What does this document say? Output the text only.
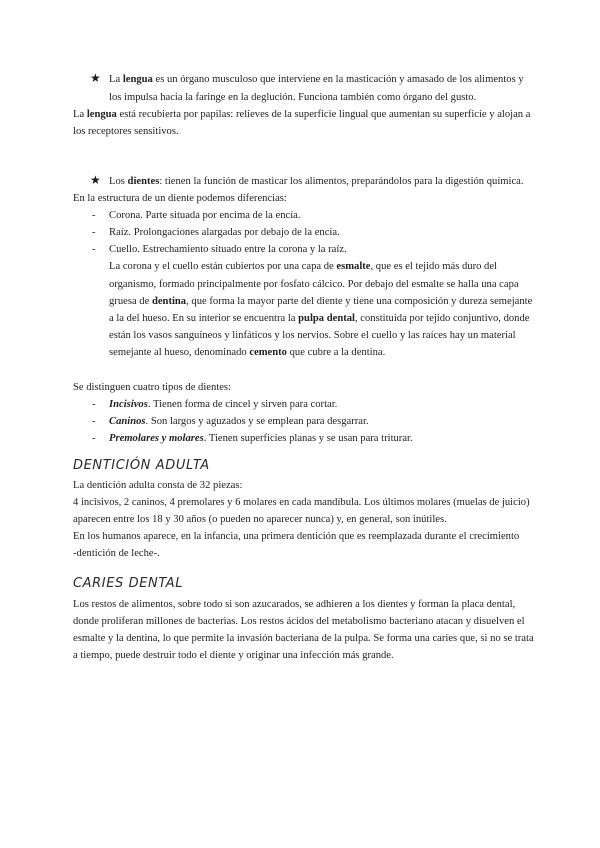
★ La lengua es un órgano musculoso que interviene en la masticación y amasado de los alimentos y

los impulsa hacia la faringe en la deglución. Funciona también como órgano del gusto.

La lengua está recubierta por papilas: relieves de la superficie lingual que aumentan su superficie y alojan a

los receptores sensitivos.

★ Los dientes: tienen la función de masticar los alimentos, preparándolos para la digestión química.

En la estructura de un diente podemos diferencias:

- Corona. Parte situada por encima de la encía.

- Raíz. Prolongaciones alargadas por debajo de la encía.

- Cuello. Estrechamiento situado entre la corona y la raíz.

La corona y el cuello están cubiertos por una capa de esmalte, que es el tejido más duro del

organismo, formado principalmente por fosfato cálcico. Por debajo del esmalte se halla una capa

gruesa de dentina, que forma la mayor parte del diente y tiene una composición y dureza semejante

a la del hueso. En su interior se encuentra la pulpa dental, constituida por tejido conjuntivo, donde

están los vasos sanguíneos y linfáticos y los nervios. Sobre el cuello y las raíces hay un material

semejante al hueso, denominado cemento que cubre a la dentina.

Se distinguen cuatro tipos de dientes:

- Incisivos. Tienen forma de cincel y sirven para cortar.

- Caninos. Son largos y aguzados y se emplean para desgarrar.

- Premolares y molares. Tienen superficies planas y se usan para triturar.

DENTICIÓN ADULTA

La dentición adulta consta de 32 piezas:

4 incisivos, 2 caninos, 4 premolares y 6 molares en cada mandíbula. Los últimos molares (muelas de juicio)

aparecen entre los 18 y 30 años (o pueden no aparecer nunca) y, en general, son inútiles.

En los humanos aparece, en la infancia, una primera dentición que es reemplazada durante el crecimiento

-dentición de leche-.

CARIES DENTAL

Los restos de alimentos, sobre todo si son azucarados, se adhieren a los dientes y forman la placa dental,

donde proliferan millones de bacterias. Los restos ácidos del metabolismo bacteriano atacan y disuelven el

esmalte y la dentina, lo que permite la invasión bacteriana de la pulpa. Se forma una caries que, si no se trata

a tiempo, puede destruir todo el diente y originar una infección más grande.
